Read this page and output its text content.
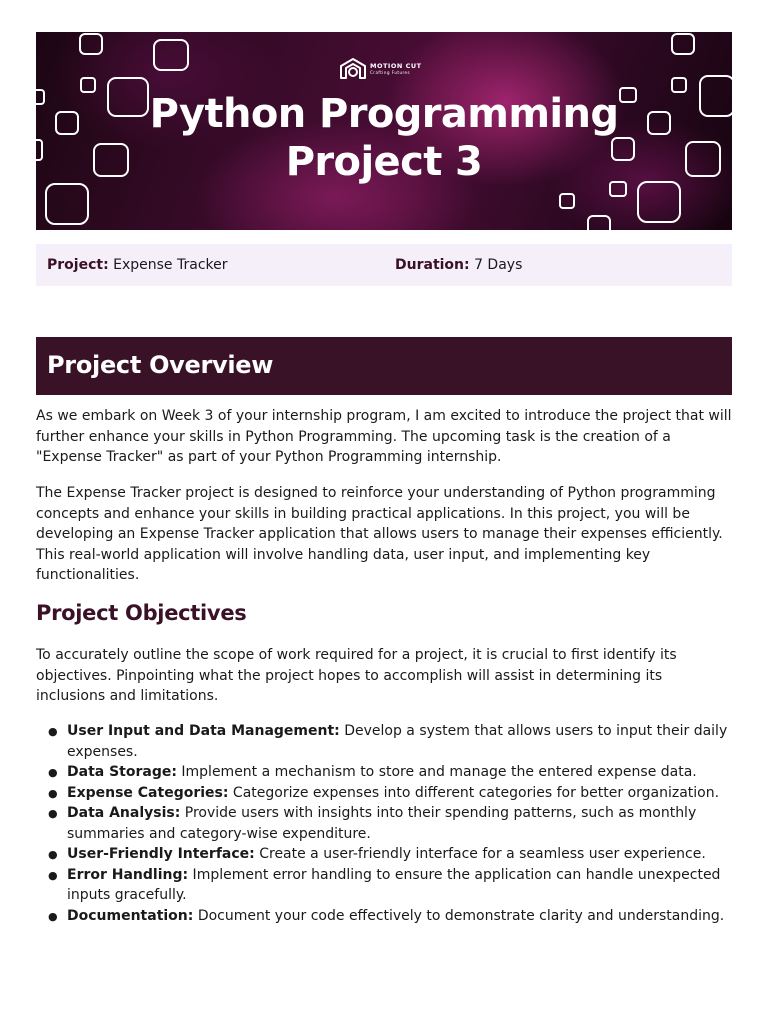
MOTION CUT
Crafting Futures
Python Programming
Project 3
Project: Expense Tracker	Duration: 7 Days
Project Overview

As we embark on Week 3 of your internship program, I am excited to introduce the project that will further enhance your skills in Python Programming. The upcoming task is the creation of a "Expense Tracker" as part of your Python Programming internship.

The Expense Tracker project is designed to reinforce your understanding of Python programming concepts and enhance your skills in building practical applications. In this project, you will be developing an Expense Tracker application that allows users to manage their expenses efficiently. This real-world application will involve handling data, user input, and implementing key functionalities.

Project Objectives

To accurately outline the scope of work required for a project, it is crucial to first identify its objectives. Pinpointing what the project hopes to accomplish will assist in determining its inclusions and limitations.

● User Input and Data Management: Develop a system that allows users to input their daily expenses.
● Data Storage: Implement a mechanism to store and manage the entered expense data.
● Expense Categories: Categorize expenses into different categories for better organization.
● Data Analysis: Provide users with insights into their spending patterns, such as monthly summaries and category-wise expenditure.
● User-Friendly Interface: Create a user-friendly interface for a seamless user experience.
● Error Handling: Implement error handling to ensure the application can handle unexpected inputs gracefully.
● Documentation: Document your code effectively to demonstrate clarity and understanding.
